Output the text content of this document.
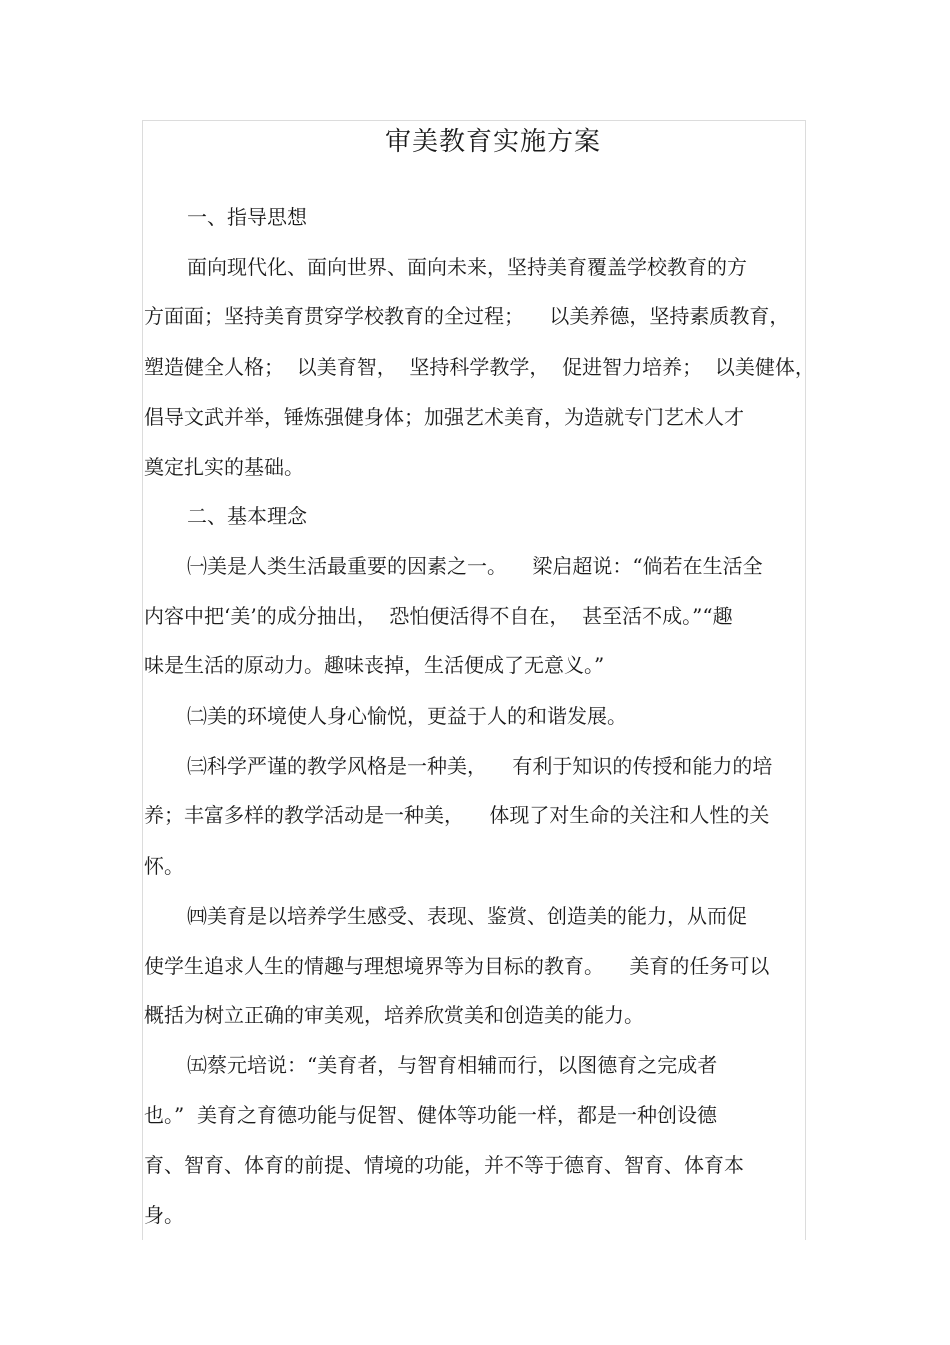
审美教育实施方案
一、指导思想
面向现代化、面向世界、面向未来，坚持美育覆盖学校教育的方
方面面；坚持美育贯穿学校教育的全过程；    以美养德，坚持素质教育，
塑造健全人格；  以美育智，  坚持科学教学，  促进智力培养；  以美健体，
倡导文武并举，锤炼强健身体；加强艺术美育，为造就专门艺术人才
奠定扎实的基础。
二、基本理念
㈠美是人类生活最重要的因素之一。    梁启超说：“倘若在生活全
内容中把‘美’的成分抽出，  恐怕便活得不自在，  甚至活不成。”“趣
味是生活的原动力。趣味丧掉，生活便成了无意义。”
㈡美的环境使人身心愉悦，更益于人的和谐发展。
㈢科学严谨的教学风格是一种美，    有利于知识的传授和能力的培
养；丰富多样的教学活动是一种美，    体现了对生命的关注和人性的关
怀。
㈣美育是以培养学生感受、表现、鉴赏、创造美的能力，从而促
使学生追求人生的情趣与理想境界等为目标的教育。    美育的任务可以
概括为树立正确的审美观，培养欣赏美和创造美的能力。
㈤蔡元培说：“美育者，与智育相辅而行，以图德育之完成者
也。”  美育之育德功能与促智、健体等功能一样，都是一种创设德
育、智育、体育的前提、情境的功能，并不等于德育、智育、体育本
身。
